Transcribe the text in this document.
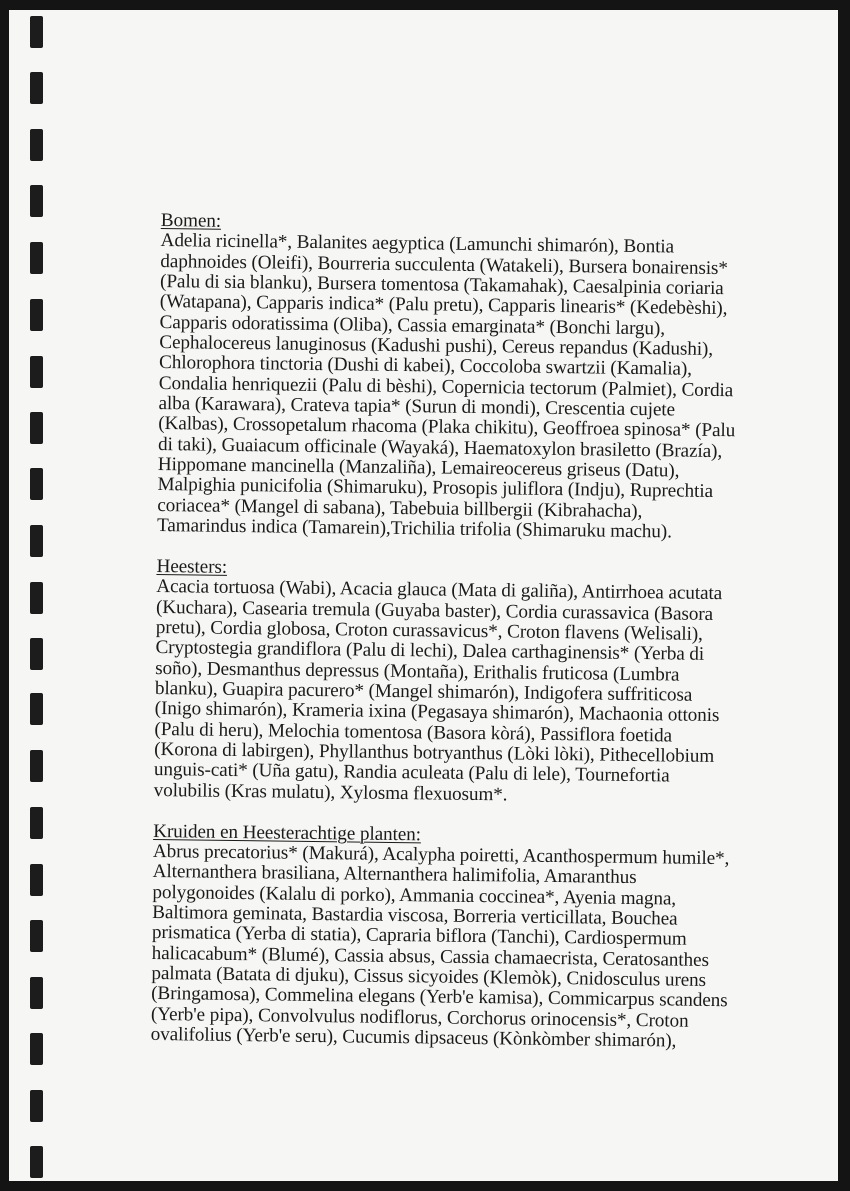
Bomen:
Adelia ricinella*, Balanites aegyptica (Lamunchi shimarón), Bontia
daphnoides (Oleifi), Bourreria succulenta (Watakeli), Bursera bonairensis*
(Palu di sia blanku), Bursera tomentosa (Takamahak), Caesalpinia coriaria
(Watapana), Capparis indica* (Palu pretu), Capparis linearis* (Kedebèshi),
Capparis odoratissima (Oliba), Cassia emarginata* (Bonchi largu),
Cephalocereus lanuginosus (Kadushi pushi), Cereus repandus (Kadushi),
Chlorophora tinctoria (Dushi di kabei), Coccoloba swartzii (Kamalia),
Condalia henriquezii (Palu di bèshi), Copernicia tectorum (Palmiet), Cordia
alba (Karawara), Crateva tapia* (Surun di mondi), Crescentia cujete
(Kalbas), Crossopetalum rhacoma (Plaka chikitu), Geoffroea spinosa* (Palu
di taki), Guaiacum officinale (Wayaká), Haematoxylon brasiletto (Brazía),
Hippomane mancinella (Manzaliña), Lemaireocereus griseus (Datu),
Malpighia punicifolia (Shimaruku), Prosopis juliflora (Indju), Ruprechtia
coriacea* (Mangel di sabana), Tabebuia billbergii (Kibrahacha),
Tamarindus indica (Tamarein),Trichilia trifolia (Shimaruku machu).
Heesters:
Acacia tortuosa (Wabi), Acacia glauca (Mata di galiña), Antirrhoea acutata
(Kuchara), Casearia tremula (Guyaba baster), Cordia curassavica (Basora
pretu), Cordia globosa, Croton curassavicus*, Croton flavens (Welisali),
Cryptostegia grandiflora (Palu di lechi), Dalea carthaginensis* (Yerba di
soño), Desmanthus depressus (Montaña), Erithalis fruticosa (Lumbra
blanku), Guapira pacurero* (Mangel shimarón), Indigofera suffriticosa
(Inigo shimarón), Krameria ixina (Pegasaya shimarón), Machaonia ottonis
(Palu di heru), Melochia tomentosa (Basora kòrá), Passiflora foetida
(Korona di labirgen), Phyllanthus botryanthus (Lòki lòki), Pithecellobium
unguis-cati* (Uña gatu), Randia aculeata (Palu di lele), Tournefortia
volubilis (Kras mulatu), Xylosma flexuosum*.
Kruiden en Heesterachtige planten:
Abrus precatorius* (Makurá), Acalypha poiretti, Acanthospermum humile*,
Alternanthera brasiliana, Alternanthera halimifolia, Amaranthus
polygonoides (Kalalu di porko), Ammania coccinea*, Ayenia magna,
Baltimora geminata, Bastardia viscosa, Borreria verticillata, Bouchea
prismatica (Yerba di statia), Capraria biflora (Tanchi), Cardiospermum
halicacabum* (Blumé), Cassia absus, Cassia chamaecrista, Ceratosanthes
palmata (Batata di djuku), Cissus sicyoides (Klemòk), Cnidosculus urens
(Bringamosa), Commelina elegans (Yerb'e kamisa), Commicarpus scandens
(Yerb'e pipa), Convolvulus nodiflorus, Corchorus orinocensis*, Croton
ovalifolius (Yerb'e seru), Cucumis dipsaceus (Kònkòmber shimarón),
